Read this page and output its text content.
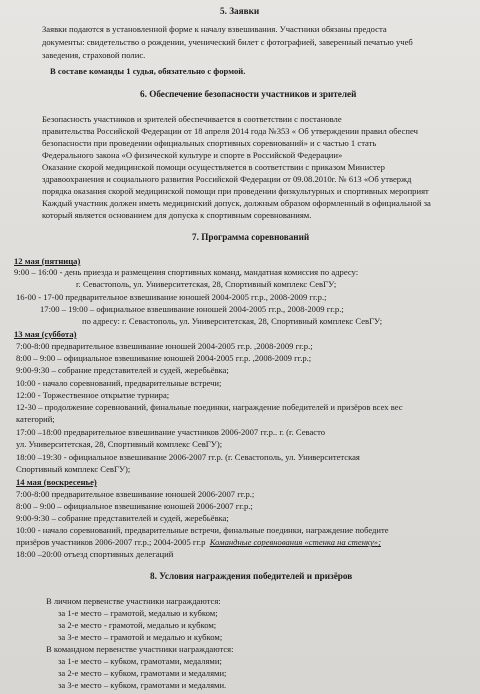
5. Заявки
Заявки подаются в установленной форме к началу взвешивания. Участники обязаны предоста
документы: свидетельство о рождении, ученический билет с фотографией, заверенный печатью учеб
заведения, страховой полис.
В составе команды 1 судья, обязательно с формой.
6. Обеспечение безопасности участников и зрителей
Безопасность участников и зрителей обеспечивается в соответствии с постановле
правительства Российской Федерации от 18 апреля 2014 года №353 « Об утверждении правил обеспеч
безопасности при проведении официальных спортивных соревнований» и с частью 1 стать
Федерального закона «О физической культуре и спорте в Российской Федерации»
Оказание скорой медицинской помощи осуществляется в соответствии с приказом Министер
здравоохранения и социального развития Российской Федерации от 09.08.2010г. № 613 «Об утвержд
порядка оказания скорой медицинской помощи при проведении физкультурных и спортивных мероприят
Каждый участник должен иметь медицинский допуск, должным образом оформленный в официальной за
который является основанием для допуска к спортивным соревнованиям.
7. Программа соревнований
12 мая (пятница)
9:00 – 16:00 - день приезда и размещения спортивных команд, мандатная комиссия по адресу:
г. Севастополь, ул. Университетская, 28, Спортивный комплекс СевГУ;
16-00 - 17-00 предварительное взвешивание юношей 2004-2005 гг.р., 2008-2009 гг.р.;
17:00 – 19:00 – официальное взвешивание юношей 2004-2005 гг.р., 2008-2009 гг.р.;
по адресу: г. Севастополь, ул. Университетская, 28, Спортивный комплекс СевГУ;
13 мая (суббота)
7:00-8:00 предварительное взвешивание юношей 2004-2005 гг.р. ,2008-2009 гг.р.;
8:00 – 9:00 – официальное взвешивание юношей 2004-2005 гг.р. ,2008-2009 гг.р.;
9:00-9:30 – собрание представителей и судей, жеребьёвка;
10:00 - начало соревнований, предварительные встречи;
12:00 - Торжественное открытие турнира;
12-30 – продолжение соревнований, финальные поединки, награждение победителей и призёров всех вес
категорий;
17:00 –18:00 предварительное взвешивание участников 2006-2007 гг.р.. г. (г. Севасто
ул. Университетская, 28, Спортивный комплекс СевГУ);
18:00 –19:30 - официальное взвешивание 2006-2007 гг.р. (г. Севастополь, ул. Университетская
Спортивный комплекс СевГУ);
14 мая (воскресенье)
7:00-8:00 предварительное взвешивание юношей 2006-2007 гг.р.;
8:00 – 9:00 – официальное взвешивание юношей 2006-2007 гг.р.;
9:00-9:30 – собрание представителей и судей, жеребьёвка;
10:00 - начало соревнований, предварительные встречи, финальные поединки, награждение победите
призёров участников 2006-2007 гг.р.; 2004-2005 гг.р Командные соревнования «стенка на стенку»;
18:00 –20:00 отъезд спортивных делегаций
8. Условия награждения победителей и призёров
В личном первенстве участники награждаются:
за 1-е место – грамотой, медалью и кубком;
за 2-е место - грамотой, медалью и кубком;
за 3-е место – грамотой и медалью и кубком;
В командном первенстве участники награждаются:
за 1-е место – кубком, грамотами, медалями;
за 2-е место – кубком, грамотами и медалями;
за 3-е место – кубком, грамотами и медалями.
